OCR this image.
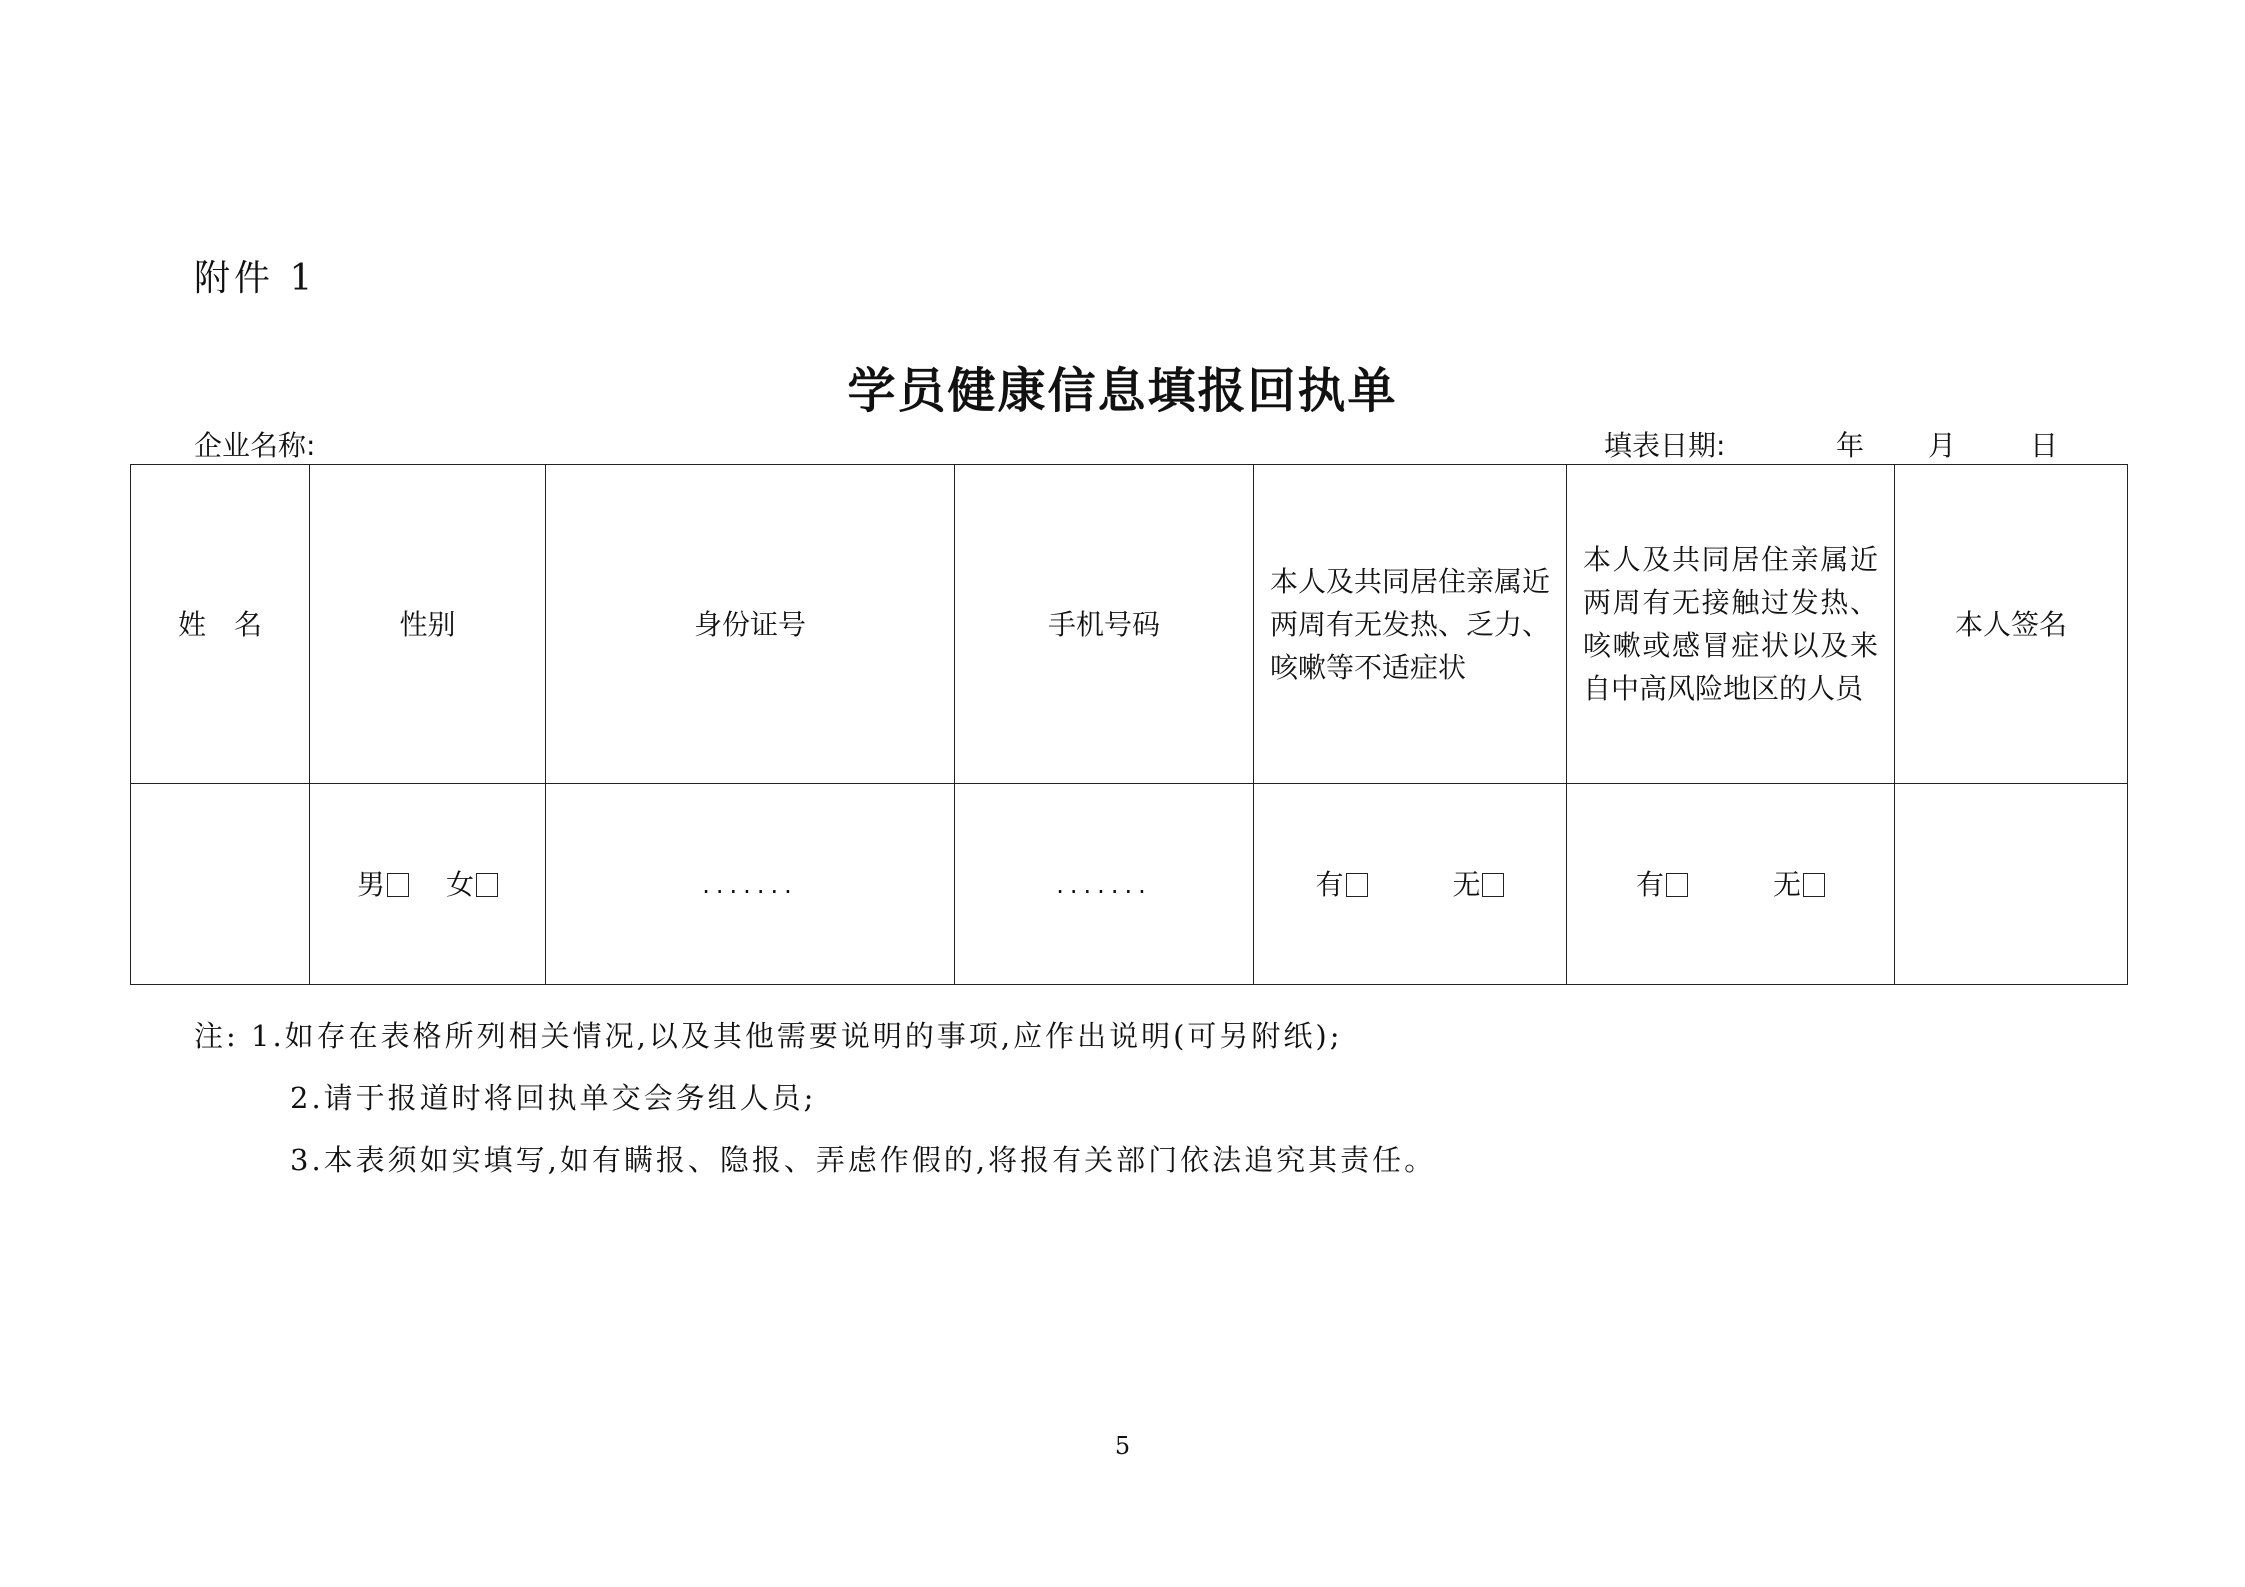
附件 1
学员健康信息填报回执单
企业名称:	填表日期:	年 月	日
姓　名	性别	身份证号	手机号码	本人及共同居住亲属近两周有无发热、乏力、咳嗽等不适症状	本人及共同居住亲属近两周有无接触过发热、咳嗽或感冒症状以及来自中高风险地区的人员	本人签名
	男 女	.......	.......	有 无	有 无	
注: 1.如存在表格所列相关情况,以及其他需要说明的事项,应作出说明(可另附纸);
2.请于报道时将回执单交会务组人员;
3.本表须如实填写,如有瞒报、隐报、弄虑作假的,将报有关部门依法追究其责任。
5
